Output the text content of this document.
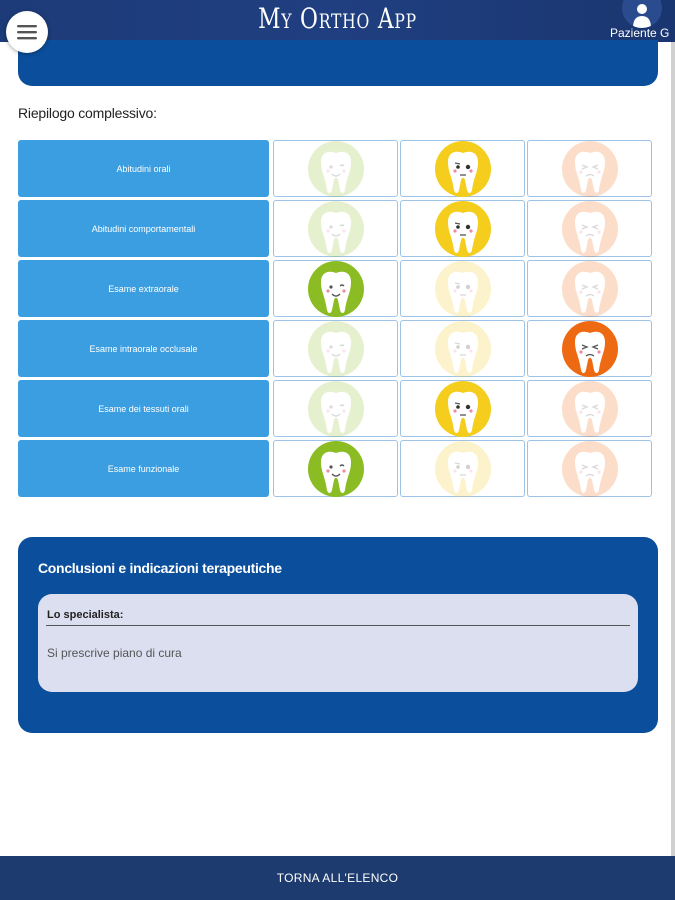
My Ortho App	Paziente G
Riepilogo complessivo:
Abitudini orali
Abitudini comportamentali
Esame extraorale
Esame intraorale occlusale
Esame dei tessuti orali
Esame funzionale
Conclusioni e indicazioni terapeutiche
Lo specialista:
Si prescrive piano di cura
TORNA ALL'ELENCO
